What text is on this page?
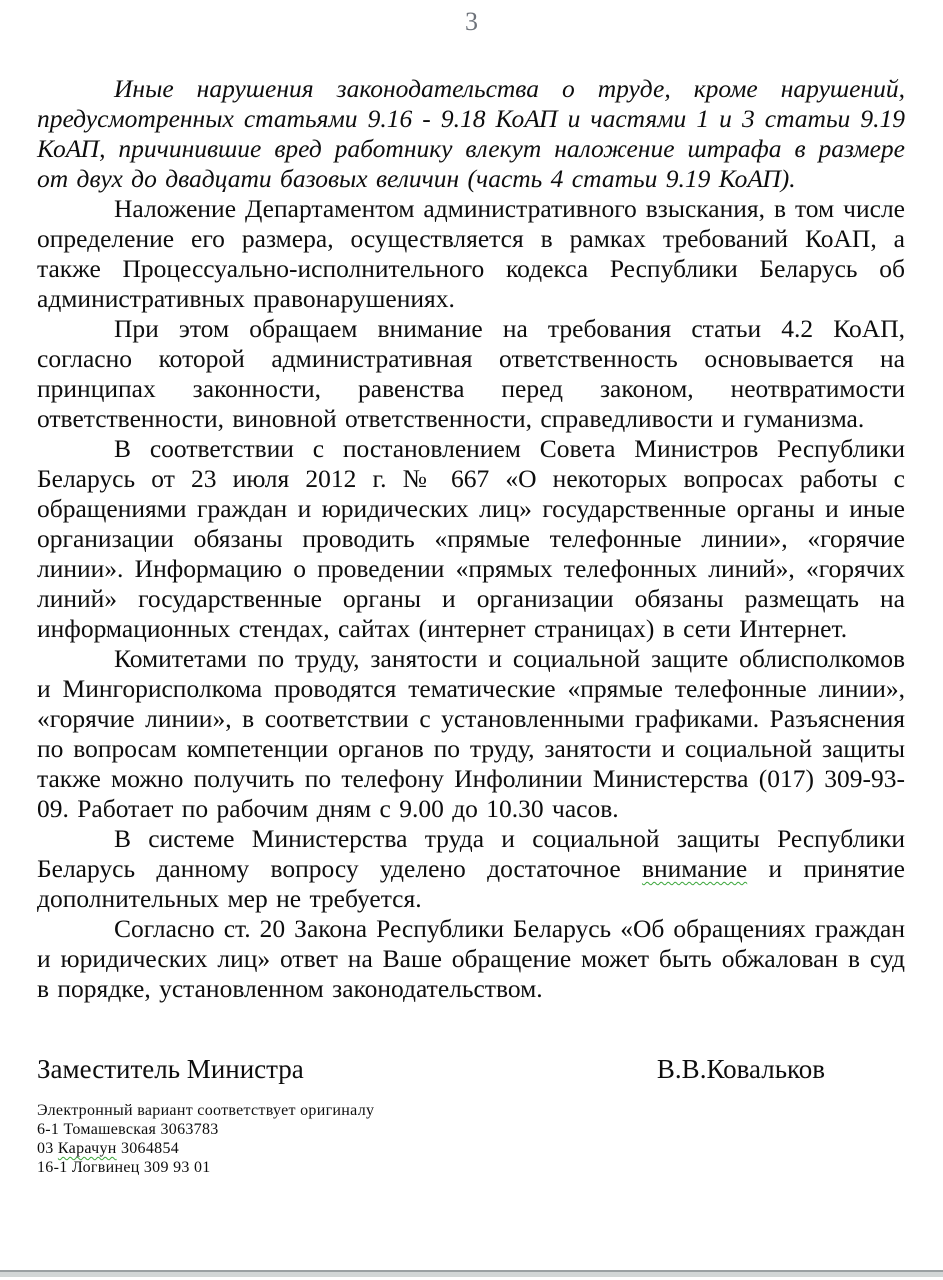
3

Иные нарушения законодательства о труде, кроме нарушений, предусмотренных статьями 9.16 - 9.18 КоАП и частями 1 и 3 статьи 9.19 КоАП, причинившие вред работнику влекут наложение штрафа в размере от двух до двадцати базовых величин (часть 4 статьи 9.19 КоАП).

Наложение Департаментом административного взыскания, в том числе определение его размера, осуществляется в рамках требований КоАП, а также Процессуально-исполнительного кодекса Республики Беларусь об административных правонарушениях.

При этом обращаем внимание на требования статьи 4.2 КоАП, согласно которой административная ответственность основывается на принципах законности, равенства перед законом, неотвратимости ответственности, виновной ответственности, справедливости и гуманизма.

В соответствии с постановлением Совета Министров Республики Беларусь от 23 июля 2012 г. № 667 «О некоторых вопросах работы с обращениями граждан и юридических лиц» государственные органы и иные организации обязаны проводить «прямые телефонные линии», «горячие линии». Информацию о проведении «прямых телефонных линий», «горячих линий» государственные органы и организации обязаны размещать на информационных стендах, сайтах (интернет страницах) в сети Интернет.

Комитетами по труду, занятости и социальной защите облисполкомов и Мингорисполкома проводятся тематические «прямые телефонные линии», «горячие линии», в соответствии с установленными графиками. Разъяснения по вопросам компетенции органов по труду, занятости и социальной защиты также можно получить по телефону Инфолинии Министерства (017) 309-93-09. Работает по рабочим дням с 9.00 до 10.30 часов.

В системе Министерства труда и социальной защиты Республики Беларусь данному вопросу уделено достаточное внимание и принятие дополнительных мер не требуется.

Согласно ст. 20 Закона Республики Беларусь «Об обращениях граждан и юридических лиц» ответ на Ваше обращение может быть обжалован в суд в порядке, установленном законодательством.

Заместитель Министра	В.В.Ковальков
Электронный вариант соответствует оригиналу
6-1 Томашевская 3063783
03 Карачун 3064854
16-1 Логвинец 309 93 01
